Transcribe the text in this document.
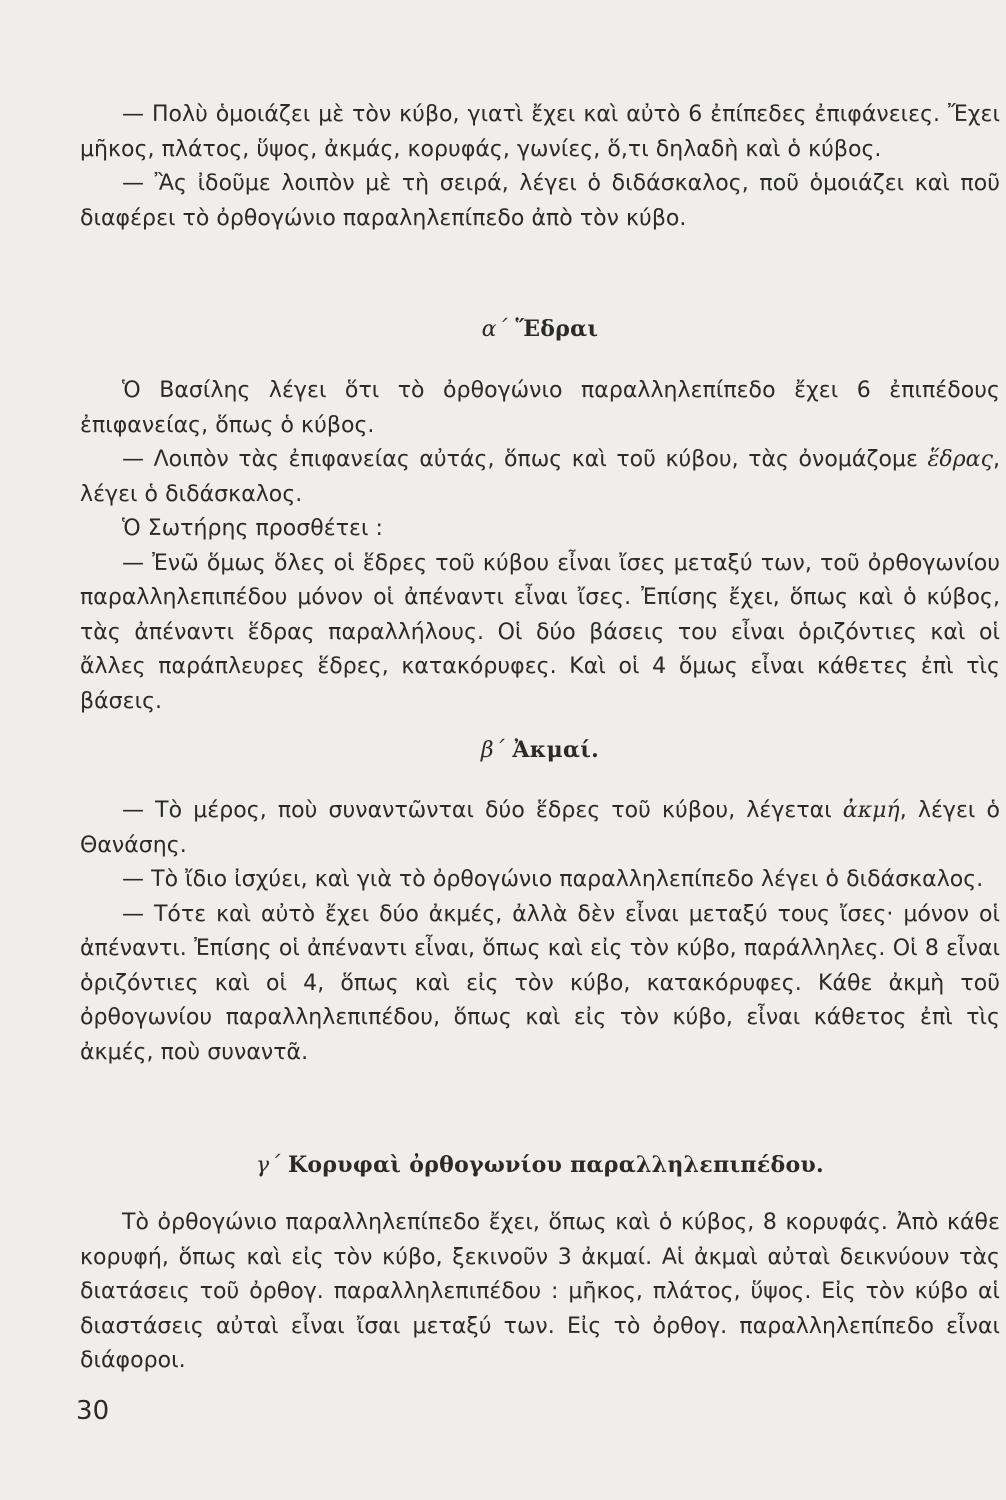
— Πολὺ ὁμοιάζει μὲ τὸν κύβο, γιατὶ ἔχει καὶ αὐτὸ 6 ἐπίπεδες ἐπιφάνειες. Ἔχει μῆκος, πλάτος, ὕψος, ἀκμάς, κορυφάς, γωνίες, ὅ,τι δηλαδὴ καὶ ὁ κύβος.

— Ἂς ἰδοῦμε λοιπὸν μὲ τὴ σειρά, λέγει ὁ διδάσκαλος, ποῦ ὁμοιάζει καὶ ποῦ διαφέρει τὸ ὀρθογώνιο παραληλεπίπεδο ἀπὸ τὸν κύβο.

α΄ Ἕδραι

Ὁ Βασίλης λέγει ὅτι τὸ ὀρθογώνιο παραλληλεπίπεδο ἔχει 6 ἐπιπέδους ἐπιφανείας, ὅπως ὁ κύβος.

— Λοιπὸν τὰς ἐπιφανείας αὐτάς, ὅπως καὶ τοῦ κύβου, τὰς ὀνομάζομε ἕδρας, λέγει ὁ διδάσκαλος.

Ὁ Σωτήρης προσθέτει :

— Ἐνῶ ὅμως ὅλες οἱ ἕδρες τοῦ κύβου εἶναι ἴσες μεταξύ των, τοῦ ὀρθογωνίου παραλληλεπιπέδου μόνον οἱ ἀπέναντι εἶναι ἴσες. Ἐπίσης ἔχει, ὅπως καὶ ὁ κύβος, τὰς ἀπέναντι ἕδρας παραλλήλους. Οἱ δύο βάσεις του εἶναι ὁριζόντιες καὶ οἱ ἄλλες παράπλευρες ἕδρες, κατακόρυφες. Καὶ οἱ 4 ὅμως εἶναι κάθετες ἐπὶ τὶς βάσεις.

β΄ Ἀκμαί.

— Τὸ μέρος, ποὺ συναντῶνται δύο ἕδρες τοῦ κύβου, λέγεται ἀκμή, λέγει ὁ Θανάσης.

— Τὸ ἴδιο ἰσχύει, καὶ γιὰ τὸ ὀρθογώνιο παραλληλεπίπεδο λέγει ὁ διδάσκαλος.

— Τότε καὶ αὐτὸ ἔχει δύο ἀκμές, ἀλλὰ δὲν εἶναι μεταξύ τους ἴσες· μόνον οἱ ἀπέναντι. Ἐπίσης οἱ ἀπέναντι εἶναι, ὅπως καὶ εἰς τὸν κύβο, παράλληλες. Οἱ 8 εἶναι ὁριζόντιες καὶ οἱ 4, ὅπως καὶ εἰς τὸν κύβο, κατακόρυφες. Κάθε ἀκμὴ τοῦ ὀρθογωνίου παραλληλεπιπέδου, ὅπως καὶ εἰς τὸν κύβο, εἶναι κάθετος ἐπὶ τὶς ἀκμές, ποὺ συναντᾶ.

γ΄ Κορυφαὶ ὀρθογωνίου παραλληλεπιπέδου.

Τὸ ὀρθογώνιο παραλληλεπίπεδο ἔχει, ὅπως καὶ ὁ κύβος, 8 κορυφάς. Ἀπὸ κάθε κορυφή, ὅπως καὶ εἰς τὸν κύβο, ξεκινοῦν 3 ἀκμαί. Αἱ ἀκμαὶ αὐταὶ δεικνύουν τὰς διατάσεις τοῦ ὀρθογ. παραλληλεπιπέδου : μῆκος, πλάτος, ὕψος. Εἰς τὸν κύβο αἱ διαστάσεις αὐταὶ εἶναι ἴσαι μεταξύ των. Εἰς τὸ ὀρθογ. παραλληλεπίπεδο εἶναι διάφοροι.

30
